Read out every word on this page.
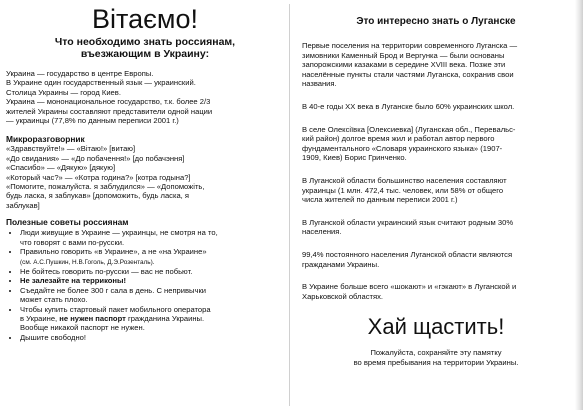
Вітаємо!
Что необходимо знать россиянам,
въезжающим в Украину:

Украина — государство в центре Европы.

В Украине один государственный язык — украинский.

Столица Украины — город Киев.

Украина — мононациональное государство, т.к. более 2/3

жителей Украины составляют представители одной нации

— украинцы (77,8% по данным переписи 2001 г.)

Микроразговорник

«Здравствуйте!» — «Вітаю!» [витаю]

«До свидания» — «До побачення!» [до побачэння]

«Спасибо» — «Дякую» [дякую]

«Который час?» — «Котра година?» [котра годына?]

«Помогите, пожалуйста. я заблудился» — «Допоможіть,

будь ласка, я заблукав» [допоможить, будь ласка, я

заблукав]

Полезные советы россиянам
• Люди живущие в Украине — украинцы, не смотря на то,
что говорят с вами по-русски.
• Правильно говорить «в Украине», а не «на Украине»
(см. А.С.Пушкин, Н.В.Гоголь, Д.Э.Розенталь).
• Не бойтесь говорить по-русски — вас не побьют.
• Не залезайте на терриконы!
• Съедайте не более 300 г сала в день. С непривычки
может стать плохо.
• Чтобы купить стартовый пакет мобильного оператора
в Украине, не нужен паспорт гражданина Украины.
Вообще никакой паспорт не нужен.
• Дышите свободно!
Это интересно знать о Луганске
Первые поселения на территории современного Луганска —
зимовники Каменный Брод и Вергунка — были основаны
запорожскими казаками в середине XVIII века. Позже эти
населённые пункты стали частями Луганска, сохранив свои
названия.
В 40-е годы XX века в Луганске было 60% украинских школ.
В селе Олексіївка [Олексиевка] (Луганская обл., Перевальс-
кий район) долгое время жил и работал автор первого
фундаментального «Словаря украинского языка» (1907-
1909, Киев) Борис Гринченко.
В Луганской области большинство населения составляют
украинцы (1 млн. 472,4 тыс. человек, или 58% от общего
числа жителей по данным переписи 2001 г.)
В Луганской области украинский язык считают родным 30%
населения.
99,4% постоянного населения Луганской области являются
гражданами Украины.
В Украине больше всего «шокают» и «гэкают» в Луганской и
Харьковской областях.
Хай щастить!
Пожалуйста, сохраняйте эту памятку
во время пребывания на территории Украины.
